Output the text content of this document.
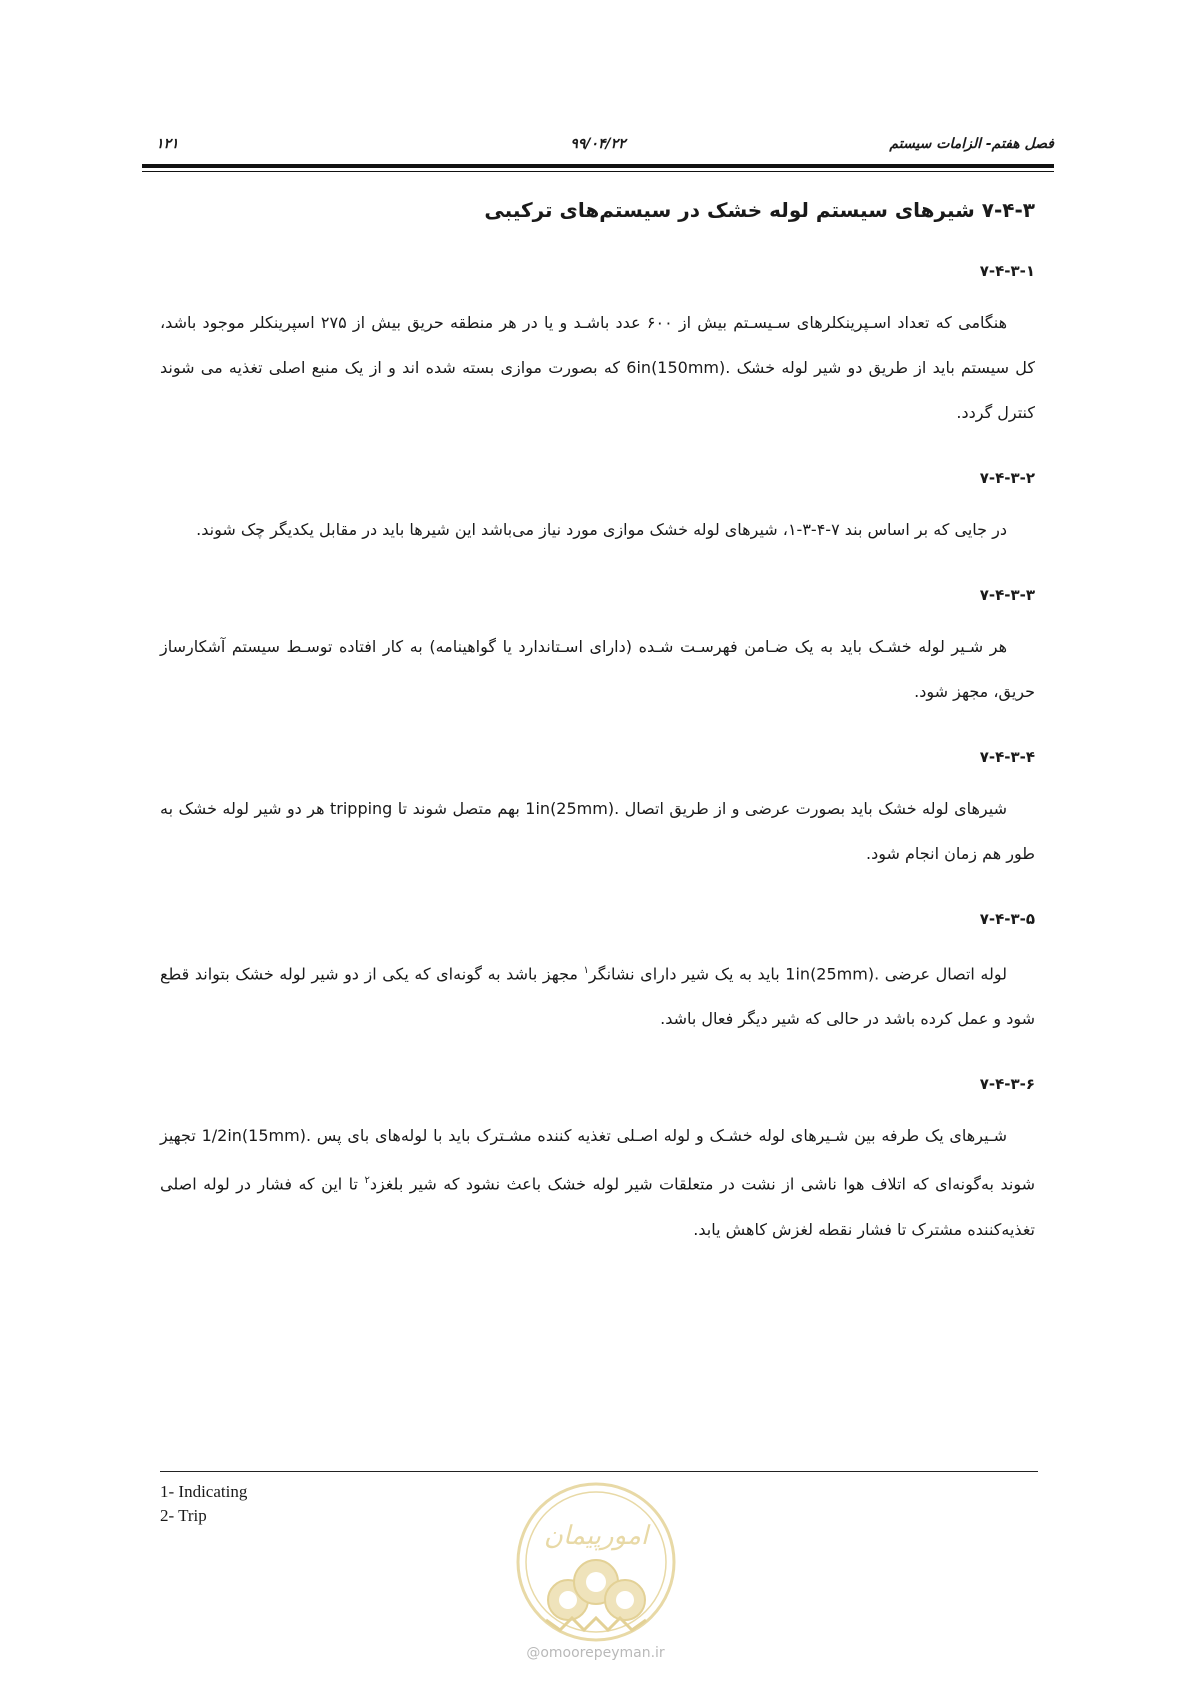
۱۲۱	۹۹/۰۴/۲۲	فصل هفتم- الزامات سیستم
۷-۴-۳ شیرهای سیستم لوله خشک در سیستم‌های ترکیبی
۷-۴-۳-۱

هنگامی که تعداد اسـپرینکلرهای سـیسـتم بیش از ۶۰۰ عدد باشـد و یا در هر منطقه حریق بیش از ۲۷۵ اسپرینکلر موجود باشد، کل سیستم باید از طریق دو شیر لوله خشک .6in(150mm) که بصورت موازی بسته شده اند و از یک منبع اصلی تغذیه می شوند کنترل گردد.

۷-۴-۳-۲

در جایی که بر اساس بند ۷-۴-۳-۱، شیرهای لوله خشک موازی مورد نیاز می‌باشد این شیرها باید در مقابل یکدیگر چک شوند.

۷-۴-۳-۳

هر شـیر لوله خشـک باید به یک ضـامن فهرسـت شـده (دارای اسـتاندارد یا گواهینامه) به کار افتاده توسـط سیستم آشکارساز حریق، مجهز شود.

۷-۴-۳-۴

شیرهای لوله خشک باید بصورت عرضی و از طریق اتصال .1in(25mm) بهم متصل شوند تا tripping هر دو شیر لوله خشک به طور هم زمان انجام شود.

۷-۴-۳-۵

لوله اتصال عرضی .1in(25mm) باید به یک شیر دارای نشانگر$^۱$ مجهز باشد به گونه‌ای که یکی از دو شیر لوله خشک بتواند قطع شود و عمل کرده باشد در حالی که شیر دیگر فعال باشد.

۷-۴-۳-۶

شـیرهای یک طرفه بین شـیرهای لوله خشـک و لوله اصـلی تغذیه کننده مشـترک باید با لوله‌های بای پس .1/2in(15mm) تجهیز شوند به‌گونه‌ای که اتلاف هوا ناشی از نشت در متعلقات شیر لوله خشک باعث نشود که شیر بلغزد$^۲$ تا این که فشار در لوله اصلی تغذیه‌کننده مشترک تا فشار نقطه لغزش کاهش یابد.

1- Indicating
2- Trip
امورپیمان
@omoorepeyman.ir
